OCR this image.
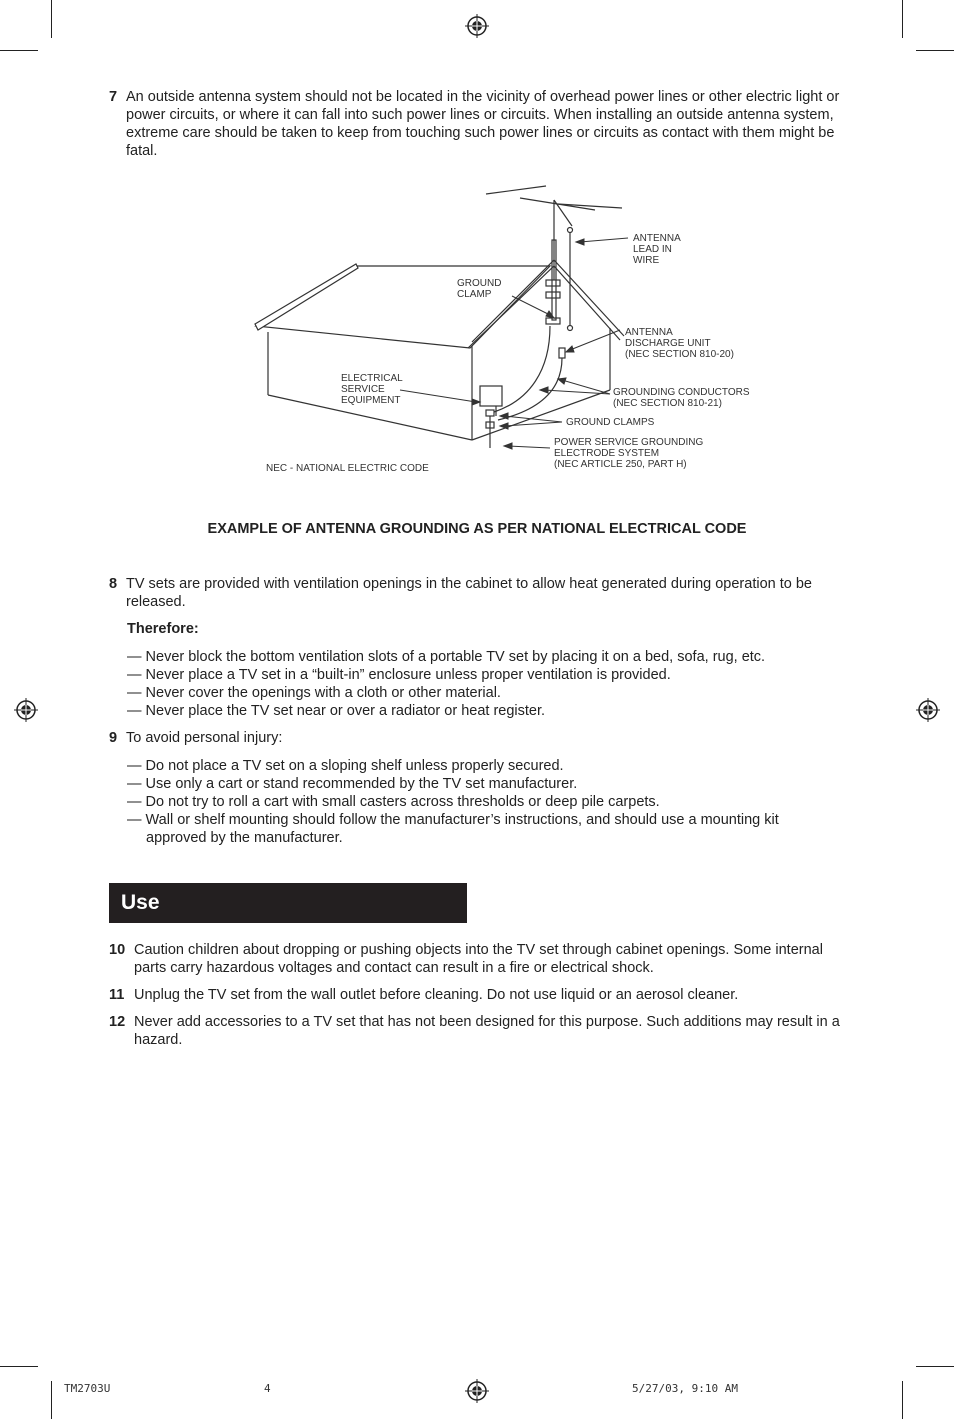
7 An outside antenna system should not be located in the vicinity of overhead power lines or other electric light or power circuits, or where it can fall into such power lines or circuits. When installing an outside antenna system, extreme care should be taken to keep from touching such power lines or circuits as contact with them might be fatal.
ANTENNA
LEAD IN
WIRE
GROUND
CLAMP
ANTENNA
DISCHARGE UNIT
(NEC SECTION 810-20)
ELECTRICAL
SERVICE
EQUIPMENT
GROUNDING CONDUCTORS
(NEC SECTION 810-21)
GROUND CLAMPS
POWER SERVICE GROUNDING
ELECTRODE SYSTEM
(NEC ARTICLE 250, PART H)
NEC - NATIONAL ELECTRIC CODE
EXAMPLE OF ANTENNA GROUNDING AS PER NATIONAL ELECTRICAL CODE
8 TV sets are provided with ventilation openings in the cabinet to allow heat generated during operation to be released.
Therefore:
— Never block the bottom ventilation slots of a portable TV set by placing it on a bed, sofa, rug, etc.
— Never place a TV set in a “built-in” enclosure unless proper ventilation is provided.
— Never cover the openings with a cloth or other material.
— Never place the TV set near or over a radiator or heat register.
9 To avoid personal injury:
— Do not place a TV set on a sloping shelf unless properly secured.
— Use only a cart or stand recommended by the TV set manufacturer.
— Do not try to roll a cart with small casters across thresholds or deep pile carpets.
— Wall or shelf mounting should follow the manufacturer’s instructions, and should use a mounting kit
approved by the manufacturer.
Use
10 Caution children about dropping or pushing objects into the TV set through cabinet openings. Some internal parts carry hazardous voltages and contact can result in a fire or electrical shock.
11 Unplug the TV set from the wall outlet before cleaning. Do not use liquid or an aerosol cleaner.
12 Never add accessories to a TV set that has not been designed for this purpose. Such additions may result in a hazard.
TM2703U	4	5/27/03, 9:10 AM
